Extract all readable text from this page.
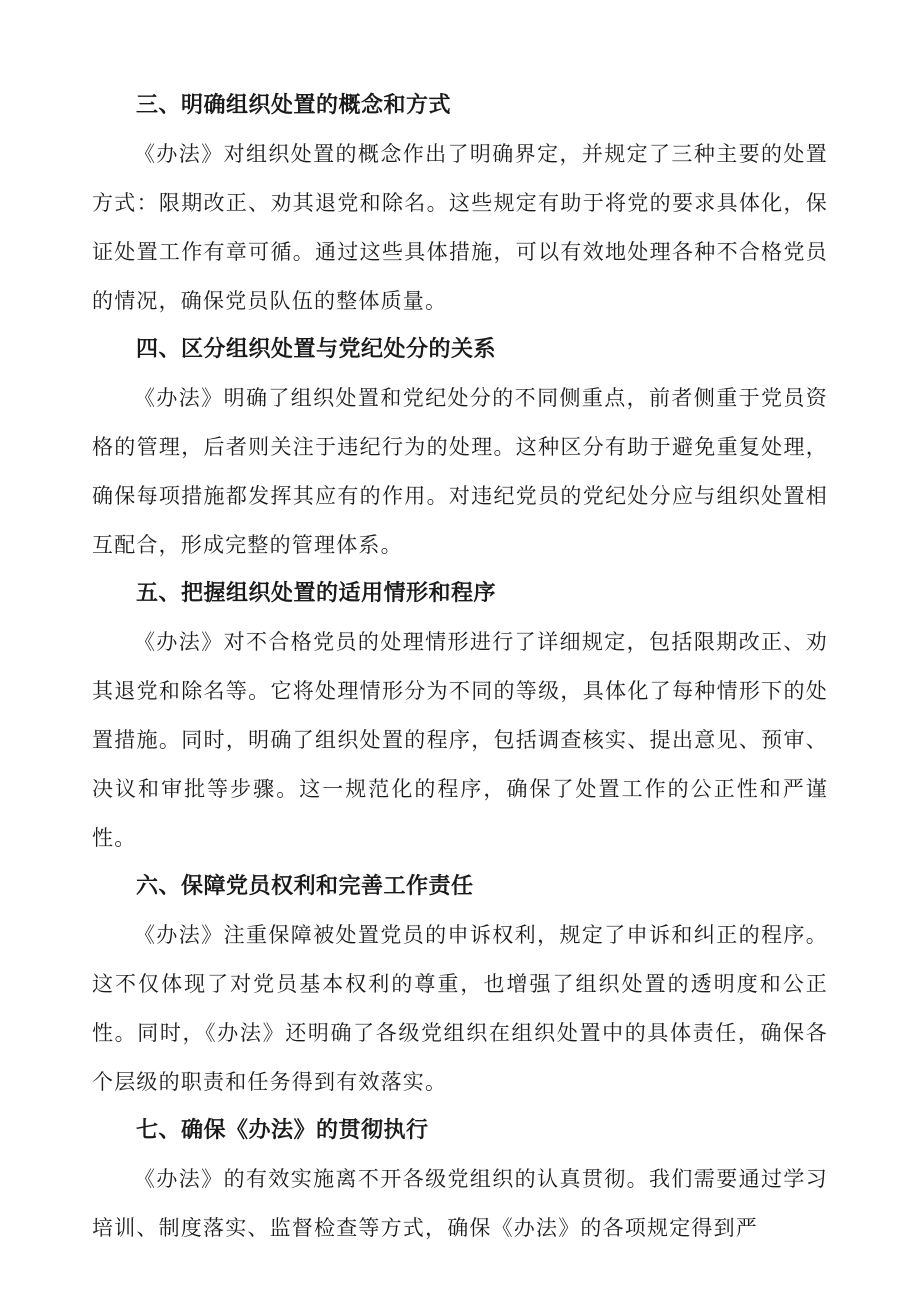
三、明确组织处置的概念和方式

《办法》对组织处置的概念作出了明确界定，并规定了三种主要的处置方式：限期改正、劝其退党和除名。这些规定有助于将党的要求具体化，保证处置工作有章可循。通过这些具体措施，可以有效地处理各种不合格党员的情况，确保党员队伍的整体质量。

四、区分组织处置与党纪处分的关系

《办法》明确了组织处置和党纪处分的不同侧重点，前者侧重于党员资格的管理，后者则关注于违纪行为的处理。这种区分有助于避免重复处理，确保每项措施都发挥其应有的作用。对违纪党员的党纪处分应与组织处置相互配合，形成完整的管理体系。

五、把握组织处置的适用情形和程序

《办法》对不合格党员的处理情形进行了详细规定，包括限期改正、劝其退党和除名等。它将处理情形分为不同的等级，具体化了每种情形下的处置措施。同时，明确了组织处置的程序，包括调查核实、提出意见、预审、决议和审批等步骤。这一规范化的程序，确保了处置工作的公正性和严谨性。

六、保障党员权利和完善工作责任

《办法》注重保障被处置党员的申诉权利，规定了申诉和纠正的程序。这不仅体现了对党员基本权利的尊重，也增强了组织处置的透明度和公正性。同时，《办法》还明确了各级党组织在组织处置中的具体责任，确保各个层级的职责和任务得到有效落实。

七、确保《办法》的贯彻执行

《办法》的有效实施离不开各级党组织的认真贯彻。我们需要通过学习培训、制度落实、监督检查等方式，确保《办法》的各项规定得到严
